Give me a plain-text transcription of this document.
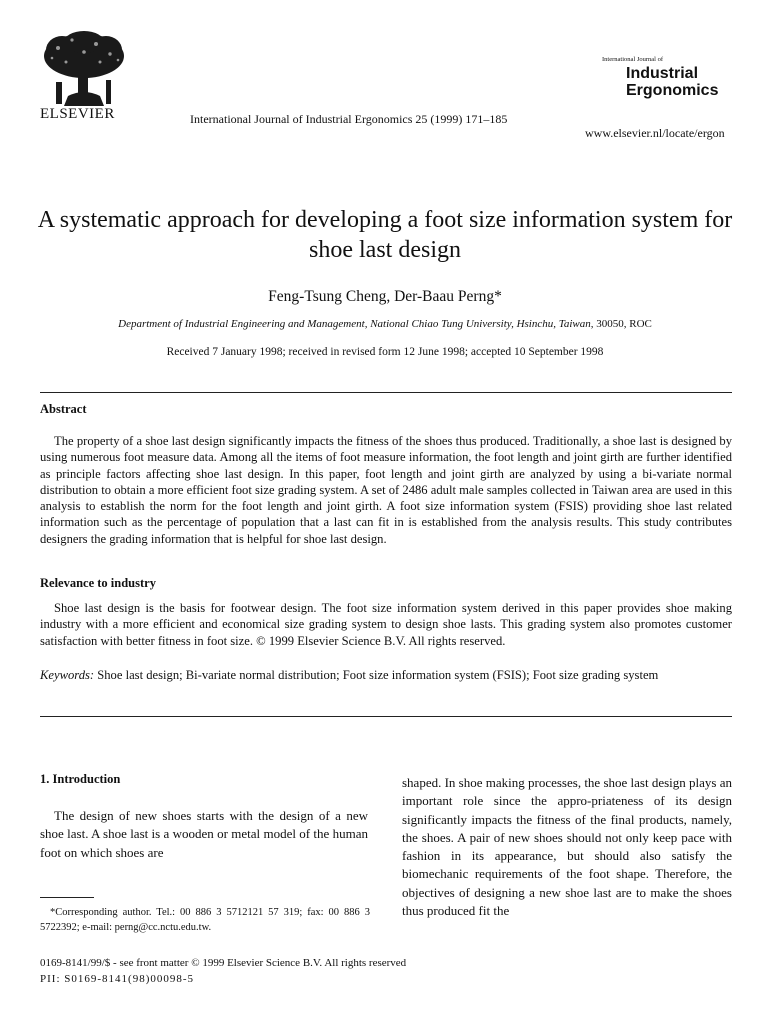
ELSEVIER	International Journal of Industrial Ergonomics 25 (1999) 171–185
International Journal of
Industrial
Ergonomics
www.elsevier.nl/locate/ergon
A systematic approach for developing a foot size information system for shoe last design
Feng-Tsung Cheng, Der-Baau Perng*
Department of Industrial Engineering and Management, National Chiao Tung University, Hsinchu, Taiwan, 30050, ROC
Received 7 January 1998; received in revised form 12 June 1998; accepted 10 September 1998
Abstract

The property of a shoe last design significantly impacts the fitness of the shoes thus produced. Traditionally, a shoe last is designed by using numerous foot measure data. Among all the items of foot measure information, the foot length and joint girth are further identified as principle factors affecting shoe last design. In this paper, foot length and joint girth are analyzed by using a bi-variate normal distribution to obtain a more efficient foot size grading system. A set of 2486 adult male samples collected in Taiwan area are used in this analysis to establish the norm for the foot length and joint girth. A foot size information system (FSIS) providing shoe last related information such as the percentage of population that a last can fit in is established from the analysis results. This study contributes designers the grading information that is helpful for shoe last design.

Relevance to industry

Shoe last design is the basis for footwear design. The foot size information system derived in this paper provides shoe making industry with a more efficient and economical size grading system to design shoe lasts. This grading system also promotes customer satisfaction with better fitness in foot size. © 1999 Elsevier Science B.V. All rights reserved.

Keywords: Shoe last design; Bi-variate normal distribution; Foot size information system (FSIS); Foot size grading system

1. Introduction

The design of new shoes starts with the design of a new shoe last. A shoe last is a wooden or metal model of the human foot on which shoes are

shaped. In shoe making processes, the shoe last design plays an important role since the appro-priateness of its design significantly impacts the fitness of the final products, namely, the shoes. A pair of new shoes should not only keep pace with fashion in its appearance, but should also satisfy the biomechanic requirements of the foot shape. Therefore, the objectives of designing a new shoe last are to make the shoes thus produced fit the

*Corresponding author. Tel.: 00 886 3 5712121 57 319; fax: 00 886 3 5722392; e-mail: perng@cc.nctu.edu.tw.

0169-8141/99/$ - see front matter © 1999 Elsevier Science B.V. All rights reserved
PII: S0169-8141(98)00098-5
